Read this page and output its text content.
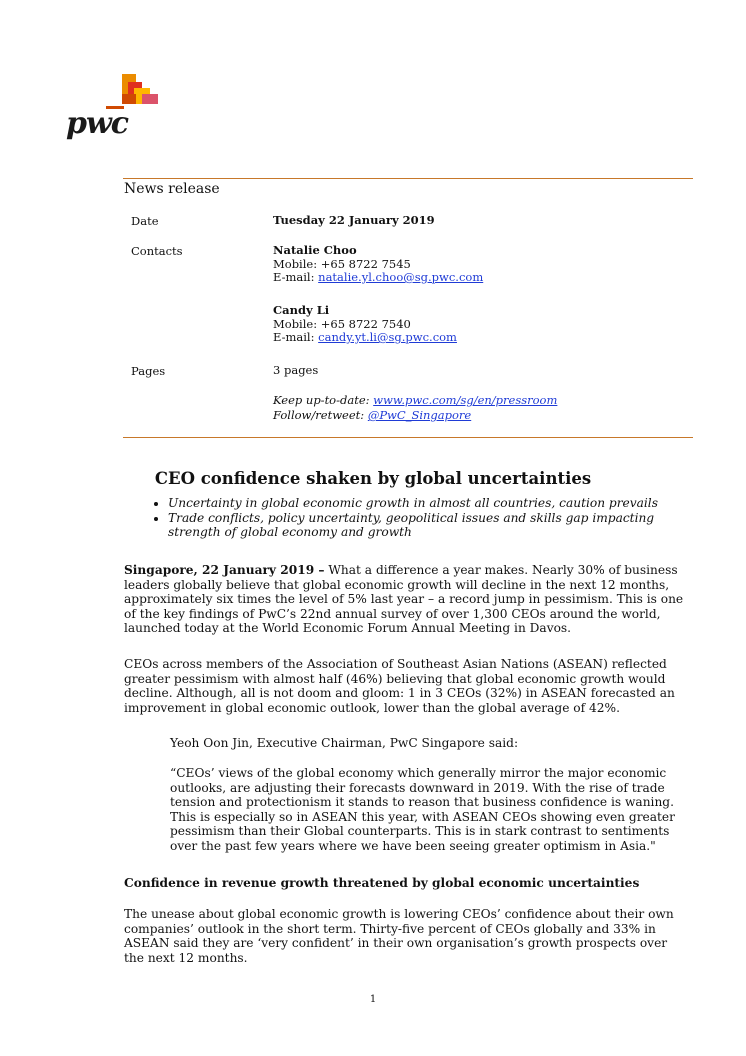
pwc
News release
Date	Tuesday 22 January 2019
Contacts	Natalie Choo
Mobile: +65 8722 7545
E-mail: natalie.yl.choo@sg.pwc.com
Candy Li
Mobile: +65 8722 7540
E-mail: candy.yt.li@sg.pwc.com
Pages	3 pages
Keep up-to-date: www.pwc.com/sg/en/pressroom
Follow/retweet: @PwC_Singapore
CEO confidence shaken by global uncertainties
• Uncertainty in global economic growth in almost all countries, caution prevails
• Trade conflicts, policy uncertainty, geopolitical issues and skills gap impacting strength of global economy and growth
Singapore, 22 January 2019 – What a difference a year makes. Nearly 30% of business leaders globally believe that global economic growth will decline in the next 12 months, approximately six times the level of 5% last year – a record jump in pessimism. This is one of the key findings of PwC’s 22nd annual survey of over 1,300 CEOs around the world, launched today at the World Economic Forum Annual Meeting in Davos.
CEOs across members of the Association of Southeast Asian Nations (ASEAN) reflected greater pessimism with almost half (46%) believing that global economic growth would decline. Although, all is not doom and gloom: 1 in 3 CEOs (32%) in ASEAN forecasted an improvement in global economic outlook, lower than the global average of 42%.
Yeoh Oon Jin, Executive Chairman, PwC Singapore said:
“CEOs’ views of the global economy which generally mirror the major economic outlooks, are adjusting their forecasts downward in 2019. With the rise of trade tension and protectionism it stands to reason that business confidence is waning. This is especially so in ASEAN this year, with ASEAN CEOs showing even greater pessimism than their Global counterparts. This is in stark contrast to sentiments over the past few years where we have been seeing greater optimism in Asia."
Confidence in revenue growth threatened by global economic uncertainties
The unease about global economic growth is lowering CEOs’ confidence about their own companies’ outlook in the short term. Thirty-five percent of CEOs globally and 33% in ASEAN said they are ‘very confident’ in their own organisation’s growth prospects over the next 12 months.
1
